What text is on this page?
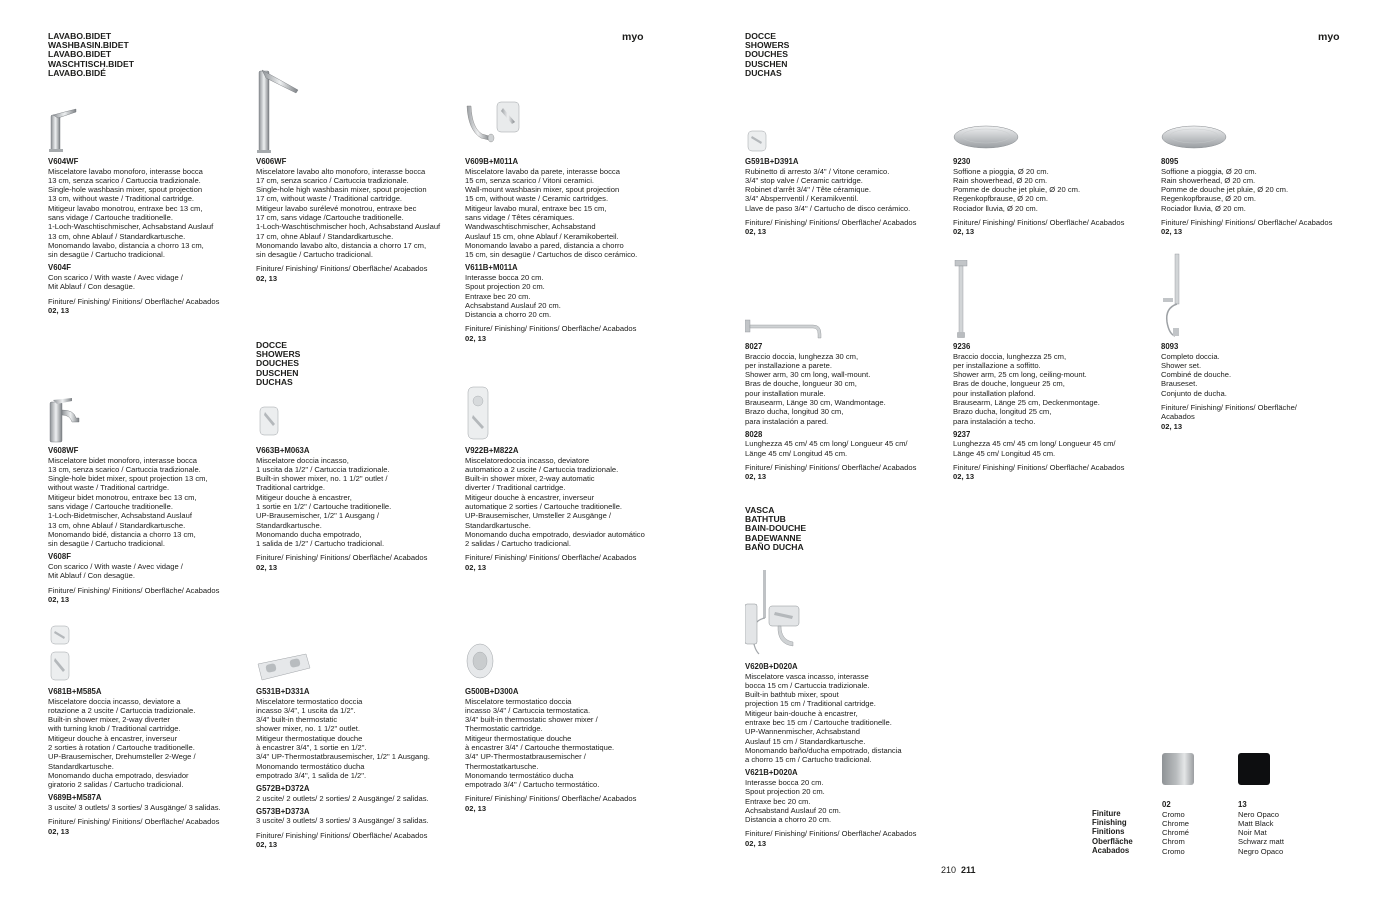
LAVABO.BIDET
WASHBASIN.BIDET
LAVABO.BIDET
WASCHTISCH.BIDET
LAVABO.BIDÉ
myo

V604WF

Miscelatore lavabo monoforo, interasse bocca
13 cm, senza scarico / Cartuccia tradizionale.
Single-hole washbasin mixer, spout projection
13 cm, without waste / Traditional cartridge.
Mitigeur lavabo monotrou, entraxe bec 13 cm,
sans vidage / Cartouche traditionelle.
1-Loch-Waschtischmischer, Achsabstand Auslauf
13 cm, ohne Ablauf / Standardkartusche.
Monomando lavabo, distancia a chorro 13 cm,
sin desagüe / Cartucho tradicional.

V604F

Con scarico / With waste / Avec vidage /
Mit Ablauf / Con desagüe.

Finiture/ Finishing/ Finitions/ Oberfläche/ Acabados

02, 13

V606WF

Miscelatore lavabo alto monoforo, interasse bocca
17 cm, senza scarico / Cartuccia tradizionale.
Single-hole high washbasin mixer, spout projection
17 cm, without waste / Traditional cartridge.
Mitigeur lavabo surélevé monotrou, entraxe bec
17 cm, sans vidage /Cartouche traditionelle.
1-Loch-Waschtischmischer hoch, Achsabstand Auslauf
17 cm, ohne Ablauf / Standardkartusche.
Monomando lavabo alto, distancia a chorro 17 cm,
sin desagüe / Cartucho tradicional.

Finiture/ Finishing/ Finitions/ Oberfläche/ Acabados

02, 13

V609B+M011A

Miscelatore lavabo da parete, interasse bocca
15 cm, senza scarico / Vitoni ceramici.
Wall-mount washbasin mixer, spout projection
15 cm, without waste / Ceramic cartridges.
Mitigeur lavabo mural, entraxe bec 15 cm,
sans vidage / Têtes céramiques.
Wandwaschtischmischer, Achsabstand
Auslauf 15 cm, ohne Ablauf / Keramikoberteil.
Monomando lavabo a pared, distancia a chorro
15 cm, sin desagüe / Cartuchos de disco cerámico.

V611B+M011A

Interasse bocca 20 cm.
Spout projection 20 cm.
Entraxe bec 20 cm.
Achsabstand Auslauf 20 cm.
Distancia a chorro 20 cm.

Finiture/ Finishing/ Finitions/ Oberfläche/ Acabados

02, 13

DOCCE
SHOWERS
DOUCHES
DUSCHEN
DUCHAS

V608WF

Miscelatore bidet monoforo, interasse bocca
13 cm, senza scarico / Cartuccia tradizionale.
Single-hole bidet mixer, spout projection 13 cm,
without waste / Traditional cartridge.
Mitigeur bidet monotrou, entraxe bec 13 cm,
sans vidage / Cartouche traditionelle.
1-Loch-Bidetmischer, Achsabstand Auslauf
13 cm, ohne Ablauf / Standardkartusche.
Monomando bidé, distancia a chorro 13 cm,
sin desagüe / Cartucho tradicional.

V608F

Con scarico / With waste / Avec vidage /
Mit Ablauf / Con desagüe.

Finiture/ Finishing/ Finitions/ Oberfläche/ Acabados

02, 13

V663B+M063A

Miscelatore doccia incasso,
1 uscita da 1/2" / Cartuccia tradizionale.
Built-in shower mixer, no. 1 1/2" outlet /
Traditional cartridge.
Mitigeur douche à encastrer,
1 sortie en 1/2" / Cartouche traditionelle.
UP-Brausemischer, 1/2" 1 Ausgang /
Standardkartusche.
Monomando ducha empotrado,
1 salida de 1/2" / Cartucho tradicional.

Finiture/ Finishing/ Finitions/ Oberfläche/ Acabados

02, 13

V922B+M822A

Miscelatoredoccia incasso, deviatore
automatico a 2 uscite / Cartuccia tradizionale.
Built-in shower mixer, 2-way automatic
diverter / Traditional cartridge.
Mitigeur douche à encastrer, inverseur
automatique 2 sorties / Cartouche traditionelle.
UP-Brausemischer, Umsteller 2 Ausgänge /
Standardkartusche.
Monomando ducha empotrado, desviador automático
2 salidas / Cartucho tradicional.

Finiture/ Finishing/ Finitions/ Oberfläche/ Acabados

02, 13

V681B+M585A

Miscelatore doccia incasso, deviatore a
rotazione a 2 uscite / Cartuccia tradizionale.
Built-in shower mixer, 2-way diverter
with turning knob / Traditional cartridge.
Mitigeur douche à encastrer, inverseur
2 sorties à rotation / Cartouche traditionelle.
UP-Brausemischer, Drehumsteller 2-Wege /
Standardkartusche.
Monomando ducha empotrado, desviador
giratorio 2 salidas / Cartucho tradicional.

V689B+M587A

3 uscite/ 3 outlets/ 3 sorties/ 3 Ausgänge/ 3 salidas.

Finiture/ Finishing/ Finitions/ Oberfläche/ Acabados

02, 13

G531B+D331A

Miscelatore termostatico doccia
incasso 3/4", 1 uscita da 1/2".
3/4" built-in thermostatic
shower mixer, no. 1 1/2" outlet.
Mitigeur thermostatique douche
à encastrer 3/4", 1 sortie en 1/2".
3/4" UP-Thermostatbrausemischer, 1/2" 1 Ausgang.
Monomando termostático ducha
empotrado 3/4", 1 salida de 1/2".

G572B+D372A

2 uscite/ 2 outlets/ 2 sorties/ 2 Ausgänge/ 2 salidas.

G573B+D373A

3 uscite/ 3 outlets/ 3 sorties/ 3 Ausgänge/ 3 salidas.

Finiture/ Finishing/ Finitions/ Oberfläche/ Acabados

02, 13

G500B+D300A

Miscelatore termostatico doccia
incasso 3/4" / Cartuccia termostatica.
3/4" built-in thermostatic shower mixer /
Thermostatic cartridge.
Mitigeur thermostatique douche
à encastrer 3/4" / Cartouche thermostatique.
3/4" UP-Thermostatbrausemischer /
Thermostatkartusche.
Monomando termostático ducha
empotrado 3/4" / Cartucho termostático.

Finiture/ Finishing/ Finitions/ Oberfläche/ Acabados

02, 13

DOCCE
SHOWERS
DOUCHES
DUSCHEN
DUCHAS
myo

G591B+D391A

Rubinetto di arresto 3/4" / Vitone ceramico.
3/4" stop valve / Ceramic cartridge.
Robinet d'arrêt 3/4" / Tête céramique.
3/4" Absperrventil / Keramikventil.
Llave de paso 3/4" / Cartucho de disco cerámico.

Finiture/ Finishing/ Finitions/ Oberfläche/ Acabados

02, 13

9230

Soffione a pioggia, Ø 20 cm.
Rain showerhead, Ø 20 cm.
Pomme de douche jet pluie, Ø 20 cm.
Regenkopfbrause, Ø 20 cm.
Rociador lluvia, Ø 20 cm.

Finiture/ Finishing/ Finitions/ Oberfläche/ Acabados

02, 13

8095

Soffione a pioggia, Ø 20 cm.
Rain showerhead, Ø 20 cm.
Pomme de douche jet pluie, Ø 20 cm.
Regenkopfbrause, Ø 20 cm.
Rociador lluvia, Ø 20 cm.

Finiture/ Finishing/ Finitions/ Oberfläche/ Acabados

02, 13

8027

Braccio doccia, lunghezza 30 cm,
per installazione a parete.
Shower arm, 30 cm long, wall-mount.
Bras de douche, longueur 30 cm,
pour installation murale.
Brausearm, Länge 30 cm, Wandmontage.
Brazo ducha, longitud 30 cm,
para instalación a pared.

8028

Lunghezza 45 cm/ 45 cm long/ Longueur 45 cm/
Länge 45 cm/ Longitud 45 cm.

Finiture/ Finishing/ Finitions/ Oberfläche/ Acabados

02, 13

9236

Braccio doccia, lunghezza 25 cm,
per installazione a soffitto.
Shower arm, 25 cm long, ceiling-mount.
Bras de douche, longueur 25 cm,
pour installation plafond.
Brausearm, Länge 25 cm, Deckenmontage.
Brazo ducha, longitud 25 cm,
para instalación a techo.

9237

Lunghezza 45 cm/ 45 cm long/ Longueur 45 cm/
Länge 45 cm/ Longitud 45 cm.

Finiture/ Finishing/ Finitions/ Oberfläche/ Acabados

02, 13

8093

Completo doccia.
Shower set.
Combiné de douche.
Brauseset.
Conjunto de ducha.

Finiture/ Finishing/ Finitions/ Oberfläche/ Acabados

02, 13

VASCA
BATHTUB
BAIN-DOUCHE
BADEWANNE
BAÑO DUCHA

V620B+D020A

Miscelatore vasca incasso, interasse
bocca 15 cm / Cartuccia tradizionale.
Built-in bathtub mixer, spout
projection 15 cm / Traditional cartridge.
Mitigeur bain-douche à encastrer,
entraxe bec 15 cm / Cartouche traditionelle.
UP-Wannenmischer, Achsabstand
Auslauf 15 cm / Standardkartusche.
Monomando baño/ducha empotrado, distancia
a chorro 15 cm / Cartucho tradicional.

V621B+D020A

Interasse bocca 20 cm.
Spout projection 20 cm.
Entraxe bec 20 cm.
Achsabstand Auslauf 20 cm.
Distancia a chorro 20 cm.

Finiture/ Finishing/ Finitions/ Oberfläche/ Acabados

02, 13

Finiture
Finishing
Finitions
Oberfläche
Acabados

02

Cromo
Chrome
Chromé
Chrom
Cromo

13

Nero Opaco
Matt Black
Noir Mat
Schwarz matt
Negro Opaco

210 211
